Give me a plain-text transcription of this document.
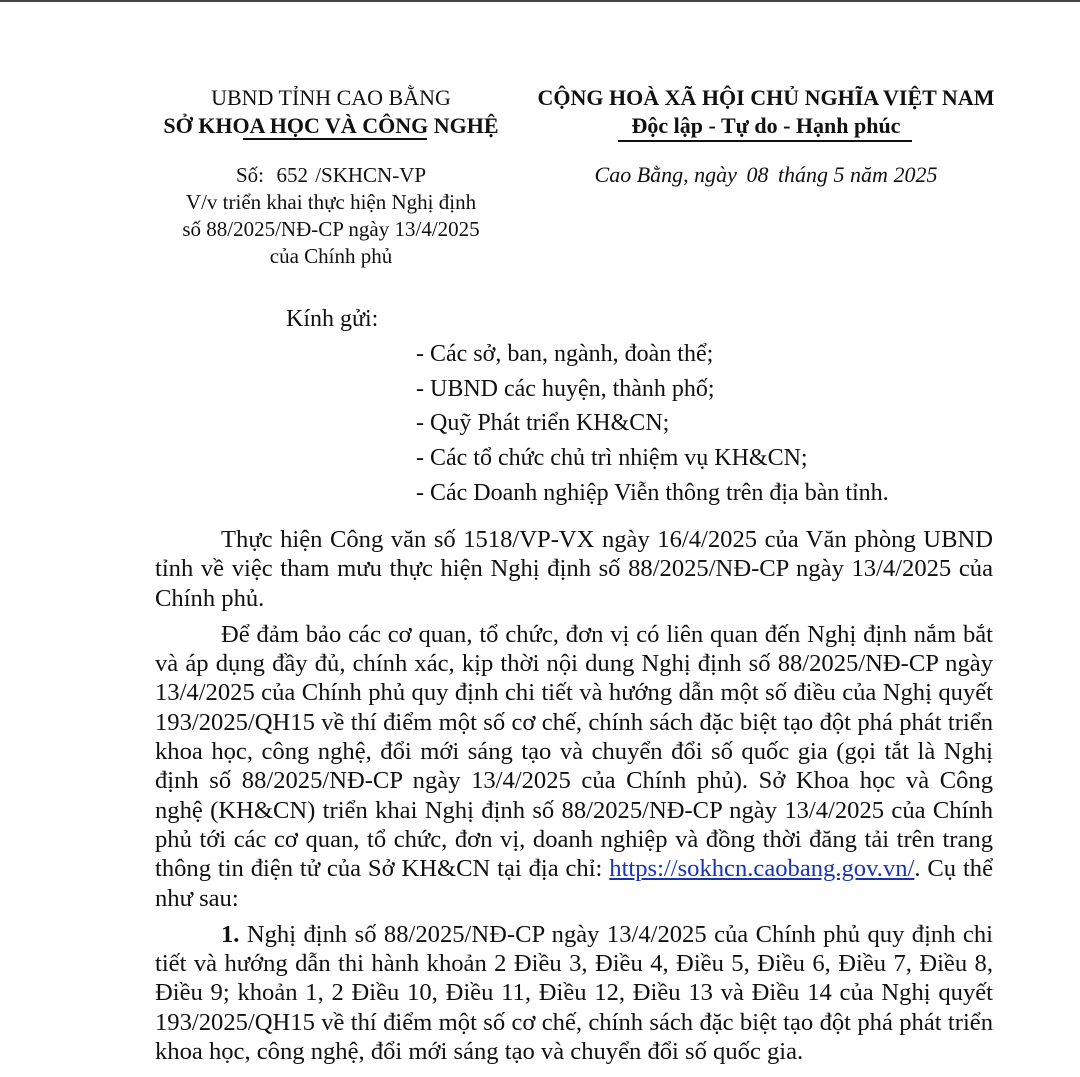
UBND TỈNH CAO BẰNG
SỞ KHOA HỌC VÀ CÔNG NGHỆ
CỘNG HOÀ XÃ HỘI CHỦ NGHĨA VIỆT NAM
Độc lập - Tự do - Hạnh phúc
Số: 652 /SKHCN-VP
V/v triển khai thực hiện Nghị định
số 88/2025/NĐ-CP ngày 13/4/2025
của Chính phủ
Cao Bằng, ngày 08 tháng 5 năm 2025
Kính gửi:
- Các sở, ban, ngành, đoàn thể;
- UBND các huyện, thành phố;
- Quỹ Phát triển KH&CN;
- Các tổ chức chủ trì nhiệm vụ KH&CN;
- Các Doanh nghiệp Viễn thông trên địa bàn tỉnh.

Thực hiện Công văn số 1518/VP-VX ngày 16/4/2025 của Văn phòng UBND tỉnh về việc tham mưu thực hiện Nghị định số 88/2025/NĐ-CP ngày 13/4/2025 của Chính phủ.

Để đảm bảo các cơ quan, tổ chức, đơn vị có liên quan đến Nghị định nắm bắt và áp dụng đầy đủ, chính xác, kịp thời nội dung Nghị định số 88/2025/NĐ-CP ngày 13/4/2025 của Chính phủ quy định chi tiết và hướng dẫn một số điều của Nghị quyết 193/2025/QH15 về thí điểm một số cơ chế, chính sách đặc biệt tạo đột phá phát triển khoa học, công nghệ, đổi mới sáng tạo và chuyển đổi số quốc gia (gọi tắt là Nghị định số 88/2025/NĐ-CP ngày 13/4/2025 của Chính phủ). Sở Khoa học và Công nghệ (KH&CN) triển khai Nghị định số 88/2025/NĐ-CP ngày 13/4/2025 của Chính phủ tới các cơ quan, tổ chức, đơn vị, doanh nghiệp và đồng thời đăng tải trên trang thông tin điện tử của Sở KH&CN tại địa chỉ: https://sokhcn.caobang.gov.vn/. Cụ thể như sau:

1. Nghị định số 88/2025/NĐ-CP ngày 13/4/2025 của Chính phủ quy định chi tiết và hướng dẫn thi hành khoản 2 Điều 3, Điều 4, Điều 5, Điều 6, Điều 7, Điều 8, Điều 9; khoản 1, 2 Điều 10, Điều 11, Điều 12, Điều 13 và Điều 14 của Nghị quyết 193/2025/QH15 về thí điểm một số cơ chế, chính sách đặc biệt tạo đột phá phát triển khoa học, công nghệ, đổi mới sáng tạo và chuyển đổi số quốc gia.
